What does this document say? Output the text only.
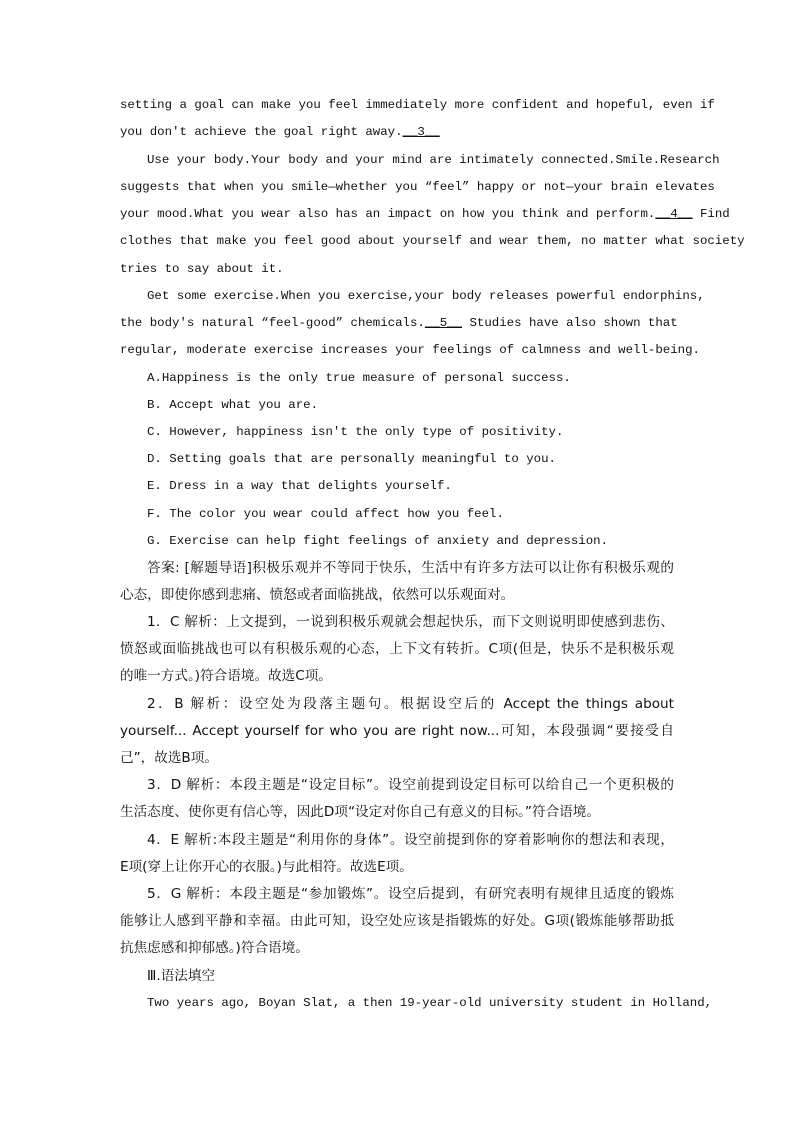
setting a goal can make you feel immediately more confident and hopeful, even if
you don't achieve the goal right away.__3__
Use your body.Your body and your mind are intimately connected.Smile.Research
suggests that when you smile—whether you “feel” happy or not—your brain elevates
your mood.What you wear also has an impact on how you think and perform.__4__ Find
clothes that make you feel good about yourself and wear them, no matter what society
tries to say about it.
Get some exercise.When you exercise,your body releases powerful endorphins,
the body's natural “feel-good” chemicals.__5__ Studies have also shown that
regular, moderate exercise increases your feelings of calmness and well-being.
A.Happiness is the only true measure of personal success.
B. Accept what you are.
C. However, happiness isn't the only type of positivity.
D. Setting goals that are personally meaningful to you.
E. Dress in a way that delights yourself.
F. The color you wear could affect how you feel.
G. Exercise can help fight feelings of anxiety and depression.
答案: [解题导语]积极乐观并不等同于快乐，生活中有许多方法可以让你有积极乐观的
心态，即使你感到悲痛、愤怒或者面临挑战，依然可以乐观面对。
1．C 解析：上文提到，一说到积极乐观就会想起快乐，而下文则说明即使感到悲伤、
愤怒或面临挑战也可以有积极乐观的心态，上下文有转折。C项(但是，快乐不是积极乐观
的唯一方式。)符合语境。故选C项。
2．B 解析：设空处为段落主题句。根据设空后的 Accept the things about
yourself... Accept yourself for who you are right now...可知，本段强调“要接受自
己”，故选B项。
3．D 解析：本段主题是“设定目标”。设空前提到设定目标可以给自己一个更积极的
生活态度、使你更有信心等，因此D项“设定对你自己有意义的目标。”符合语境。
4．E 解析:本段主题是“利用你的身体”。设空前提到你的穿着影响你的想法和表现，
E项(穿上让你开心的衣服。)与此相符。故选E项。
5．G 解析：本段主题是“参加锻炼”。设空后提到，有研究表明有规律且适度的锻炼
能够让人感到平静和幸福。由此可知，设空处应该是指锻炼的好处。G项(锻炼能够帮助抵
抗焦虑感和抑郁感。)符合语境。
Ⅲ.语法填空
Two years ago, Boyan Slat, a then 19-year-old university student in Holland,
